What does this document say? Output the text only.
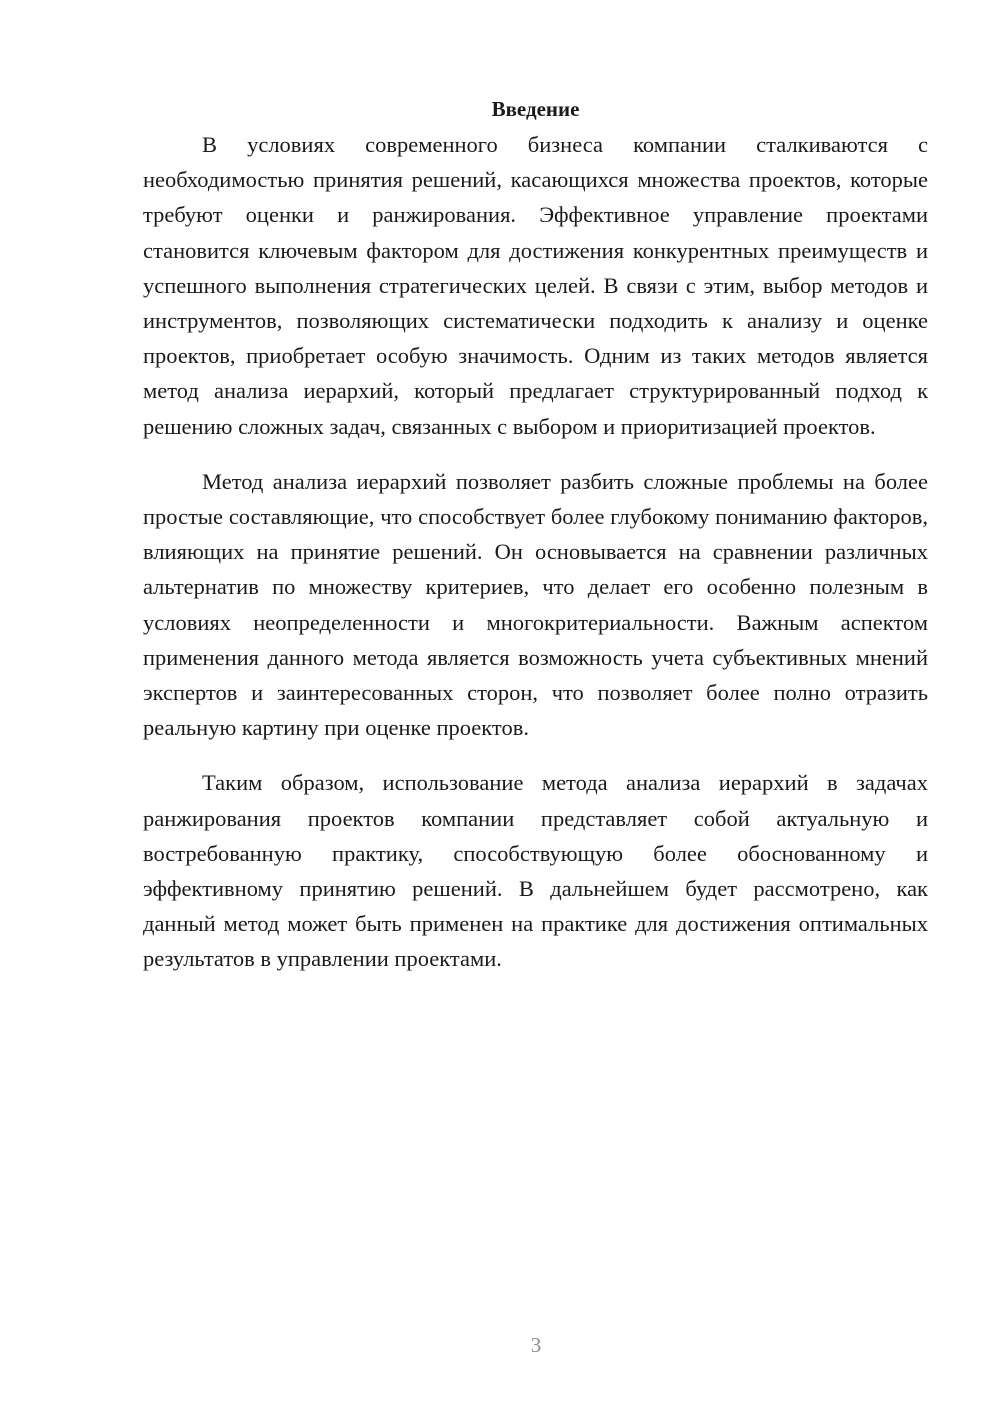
Введение

В условиях современного бизнеса компании сталкиваются с необходимостью принятия решений, касающихся множества проектов, которые требуют оценки и ранжирования. Эффективное управление проектами становится ключевым фактором для достижения конкурентных преимуществ и успешного выполнения стратегических целей. В связи с этим, выбор методов и инструментов, позволяющих систематически подходить к анализу и оценке проектов, приобретает особую значимость. Одним из таких методов является метод анализа иерархий, который предлагает структурированный подход к решению сложных задач, связанных с выбором и приоритизацией проектов.

Метод анализа иерархий позволяет разбить сложные проблемы на более простые составляющие, что способствует более глубокому пониманию факторов, влияющих на принятие решений. Он основывается на сравнении различных альтернатив по множеству критериев, что делает его особенно полезным в условиях неопределенности и многокритериальности. Важным аспектом применения данного метода является возможность учета субъективных мнений экспертов и заинтересованных сторон, что позволяет более полно отразить реальную картину при оценке проектов.

Таким образом, использование метода анализа иерархий в задачах ранжирования проектов компании представляет собой актуальную и востребованную практику, способствующую более обоснованному и эффективному принятию решений. В дальнейшем будет рассмотрено, как данный метод может быть применен на практике для достижения оптимальных результатов в управлении проектами.

3
